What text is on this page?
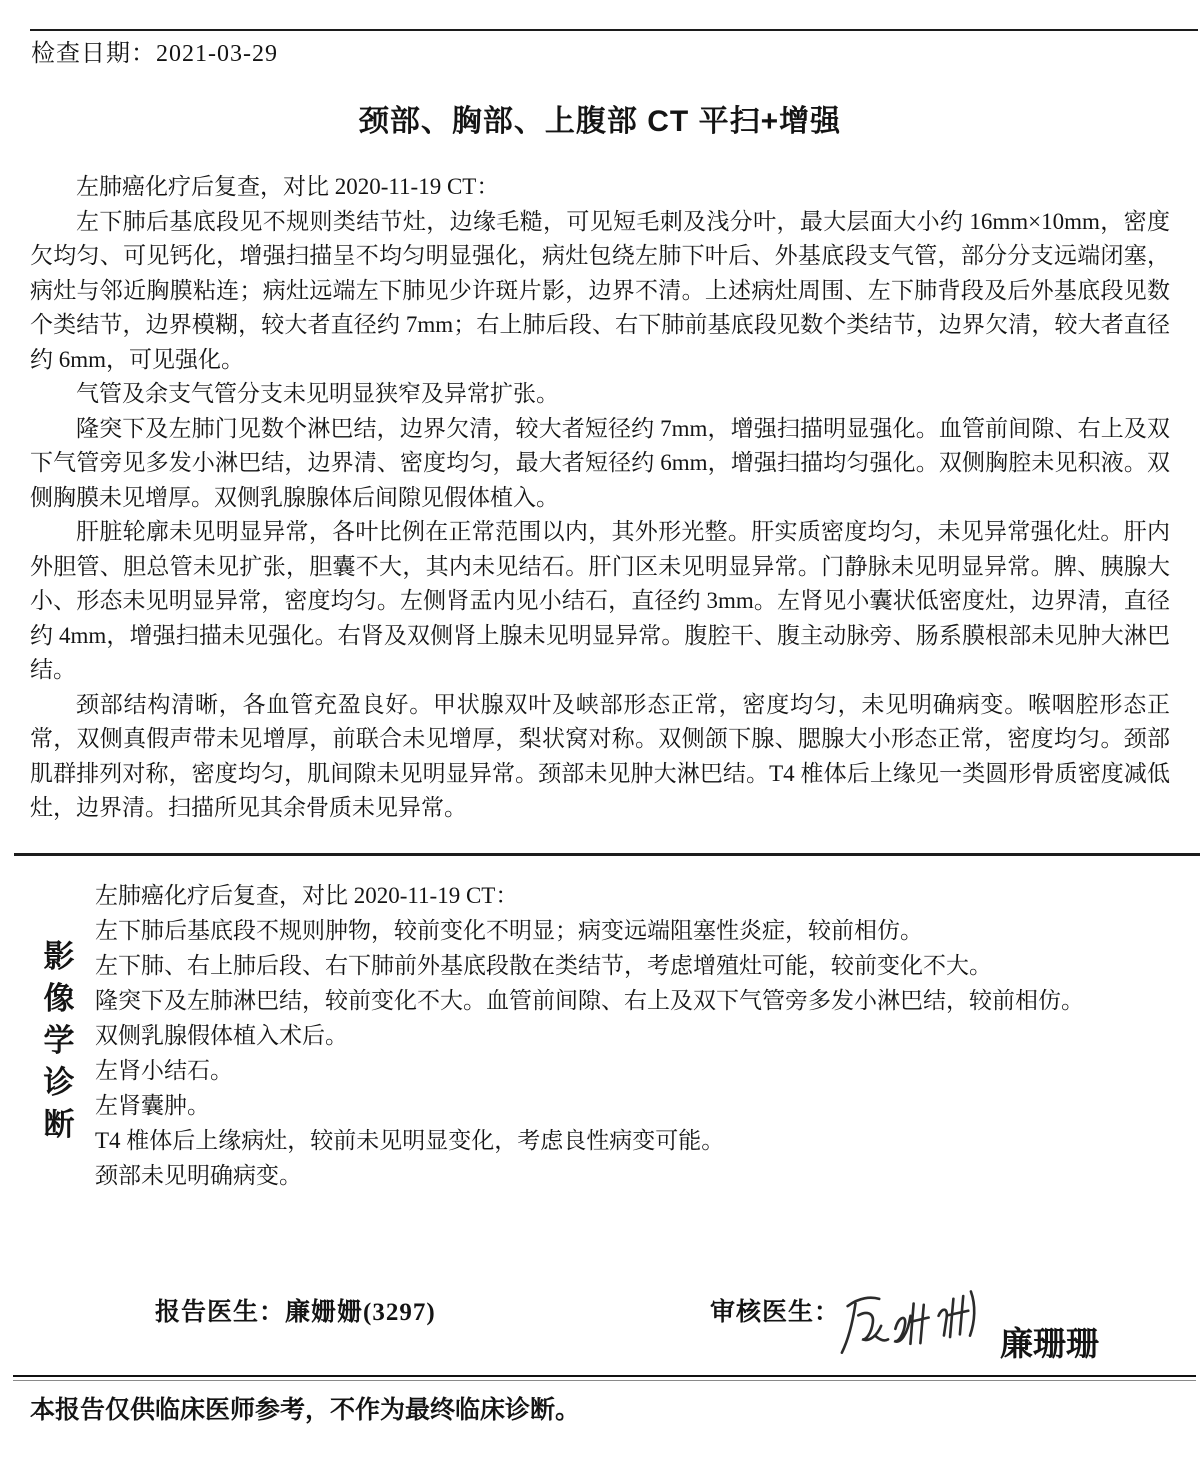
检查日期：2021-03-29
颈部、胸部、上腹部 CT 平扫+增强

左肺癌化疗后复查，对比 2020-11-19 CT：

左下肺后基底段见不规则类结节灶，边缘毛糙，可见短毛刺及浅分叶，最大层面大小约 16mm×10mm，密度欠均匀、可见钙化，增强扫描呈不均匀明显强化，病灶包绕左肺下叶后、外基底段支气管，部分分支远端闭塞，病灶与邻近胸膜粘连；病灶远端左下肺见少许斑片影，边界不清。上述病灶周围、左下肺背段及后外基底段见数个类结节，边界模糊，较大者直径约 7mm；右上肺后段、右下肺前基底段见数个类结节，边界欠清，较大者直径约 6mm，可见强化。

气管及余支气管分支未见明显狭窄及异常扩张。

隆突下及左肺门见数个淋巴结，边界欠清，较大者短径约 7mm，增强扫描明显强化。血管前间隙、右上及双下气管旁见多发小淋巴结，边界清、密度均匀，最大者短径约 6mm，增强扫描均匀强化。双侧胸腔未见积液。双侧胸膜未见增厚。双侧乳腺腺体后间隙见假体植入。

肝脏轮廓未见明显异常，各叶比例在正常范围以内，其外形光整。肝实质密度均匀，未见异常强化灶。肝内外胆管、胆总管未见扩张，胆囊不大，其内未见结石。肝门区未见明显异常。门静脉未见明显异常。脾、胰腺大小、形态未见明显异常，密度均匀。左侧肾盂内见小结石，直径约 3mm。左肾见小囊状低密度灶，边界清，直径约 4mm，增强扫描未见强化。右肾及双侧肾上腺未见明显异常。腹腔干、腹主动脉旁、肠系膜根部未见肿大淋巴结。

颈部结构清晰，各血管充盈良好。甲状腺双叶及峡部形态正常，密度均匀，未见明确病变。喉咽腔形态正常，双侧真假声带未见增厚，前联合未见增厚，梨状窝对称。双侧颌下腺、腮腺大小形态正常，密度均匀。颈部肌群排列对称，密度均匀，肌间隙未见明显异常。颈部未见肿大淋巴结。T4 椎体后上缘见一类圆形骨质密度减低灶，边界清。扫描所见其余骨质未见异常。

影像学诊断
左肺癌化疗后复查，对比 2020-11-19 CT：
左下肺后基底段不规则肿物，较前变化不明显；病变远端阻塞性炎症，较前相仿。
左下肺、右上肺后段、右下肺前外基底段散在类结节，考虑增殖灶可能，较前变化不大。
隆突下及左肺淋巴结，较前变化不大。血管前间隙、右上及双下气管旁多发小淋巴结，较前相仿。
双侧乳腺假体植入术后。
左肾小结石。
左肾囊肿。
T4 椎体后上缘病灶，较前未见明显变化，考虑良性病变可能。
颈部未见明确病变。
报告医生：廉姗姗(3297)	审核医生：
廉珊珊
本报告仅供临床医师参考，不作为最终临床诊断。
